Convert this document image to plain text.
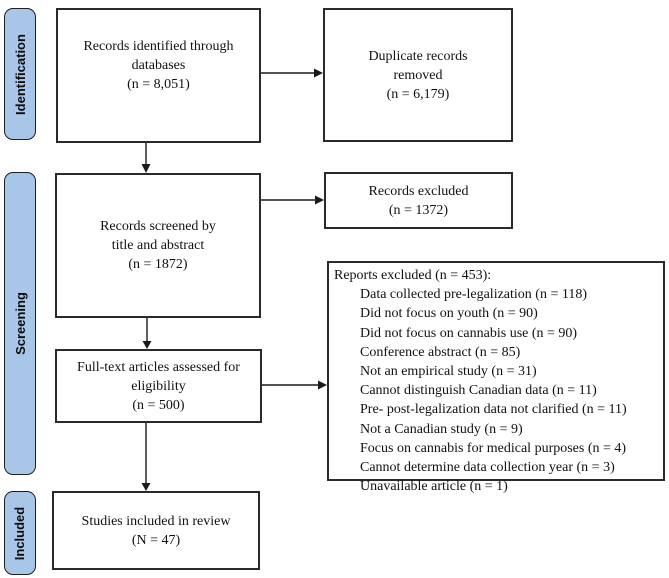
Identification
Screening
Included
Records identified through
databases
(n = 8,051)
Duplicate records
removed
(n = 6,179)
Records screened by
title and abstract
(n = 1872)
Records excluded
(n = 1372)
Reports excluded (n = 453):
Data collected pre-legalization (n = 118)
Did not focus on youth (n = 90)
Did not focus on cannabis use (n = 90)
Conference abstract (n = 85)
Not an empirical study (n = 31)
Cannot distinguish Canadian data (n = 11)
Pre- post-legalization data not clarified (n = 11)
Not a Canadian study (n = 9)
Focus on cannabis for medical purposes (n = 4)
Cannot determine data collection year (n = 3)
Unavailable article (n = 1)
Full-text articles assessed for
eligibility
(n = 500)
Studies included in review
(N = 47)
